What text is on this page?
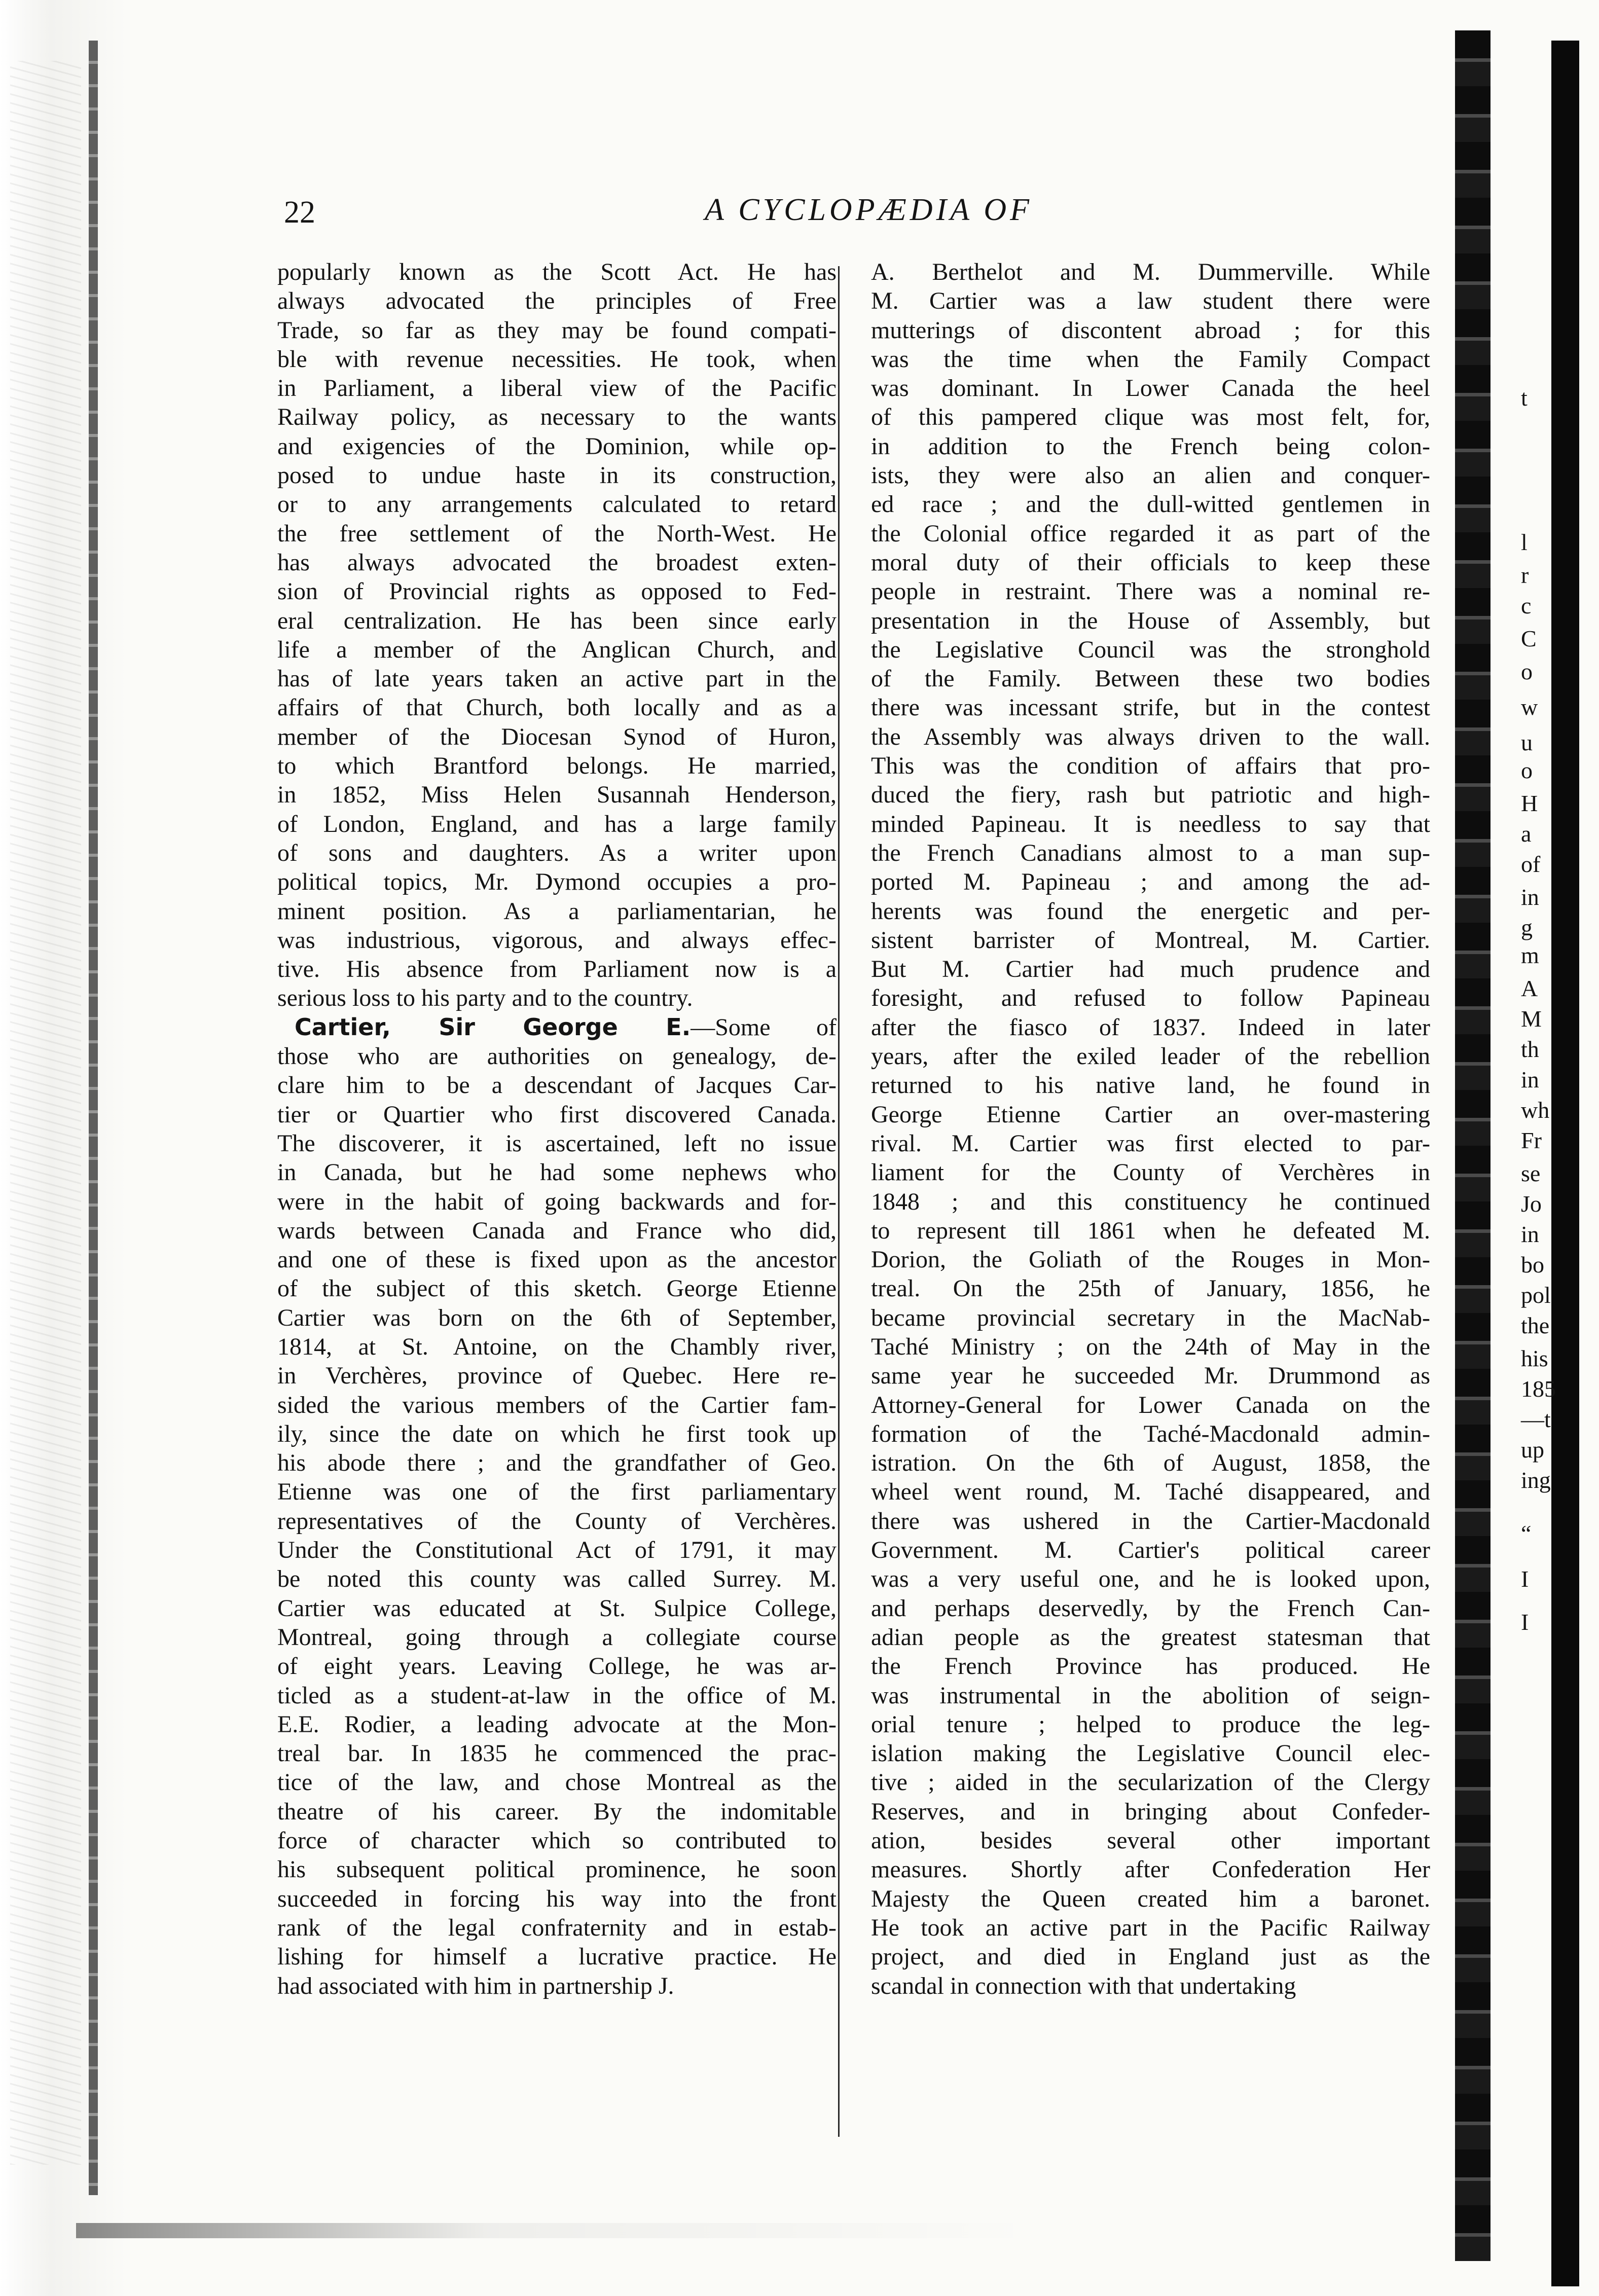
22	A CYCLOPÆDIA OF
popularly known as the Scott Act. He has
always advocated the principles of Free
Trade, so far as they may be found compati-
ble with revenue necessities. He took, when
in Parliament, a liberal view of the Pacific
Railway policy, as necessary to the wants
and exigencies of the Dominion, while op-
posed to undue haste in its construction,
or to any arrangements calculated to retard
the free settlement of the North-West. He
has always advocated the broadest exten-
sion of Provincial rights as opposed to Fed-
eral centralization. He has been since early
life a member of the Anglican Church, and
has of late years taken an active part in the
affairs of that Church, both locally and as a
member of the Diocesan Synod of Huron,
to which Brantford belongs. He married,
in 1852, Miss Helen Susannah Henderson,
of London, England, and has a large family
of sons and daughters. As a writer upon
political topics, Mr. Dymond occupies a pro-
minent position. As a parliamentarian, he
was industrious, vigorous, and always effec-
tive. His absence from Parliament now is a
serious loss to his party and to the country.
Cartier, Sir George E.—Some of
those who are authorities on genealogy, de-
clare him to be a descendant of Jacques Car-
tier or Quartier who first discovered Canada.
The discoverer, it is ascertained, left no issue
in Canada, but he had some nephews who
were in the habit of going backwards and for-
wards between Canada and France who did,
and one of these is fixed upon as the ancestor
of the subject of this sketch. George Etienne
Cartier was born on the 6th of September,
1814, at St. Antoine, on the Chambly river,
in Verchères, province of Quebec. Here re-
sided the various members of the Cartier fam-
ily, since the date on which he first took up
his abode there ; and the grandfather of Geo.
Etienne was one of the first parliamentary
representatives of the County of Verchères.
Under the Constitutional Act of 1791, it may
be noted this county was called Surrey. M.
Cartier was educated at St. Sulpice College,
Montreal, going through a collegiate course
of eight years. Leaving College, he was ar-
ticled as a student-at-law in the office of M.
E.E. Rodier, a leading advocate at the Mon-
treal bar. In 1835 he commenced the prac-
tice of the law, and chose Montreal as the
theatre of his career. By the indomitable
force of character which so contributed to
his subsequent political prominence, he soon
succeeded in forcing his way into the front
rank of the legal confraternity and in estab-
lishing for himself a lucrative practice. He
had associated with him in partnership J.
A. Berthelot and M. Dummerville. While
M. Cartier was a law student there were
mutterings of discontent abroad ; for this
was the time when the Family Compact
was dominant. In Lower Canada the heel
of this pampered clique was most felt, for,
in addition to the French being colon-
ists, they were also an alien and conquer-
ed race ; and the dull-witted gentlemen in
the Colonial office regarded it as part of the
moral duty of their officials to keep these
people in restraint. There was a nominal re-
presentation in the House of Assembly, but
the Legislative Council was the stronghold
of the Family. Between these two bodies
there was incessant strife, but in the contest
the Assembly was always driven to the wall.
This was the condition of affairs that pro-
duced the fiery, rash but patriotic and high-
minded Papineau. It is needless to say that
the French Canadians almost to a man sup-
ported M. Papineau ; and among the ad-
herents was found the energetic and per-
sistent barrister of Montreal, M. Cartier.
But M. Cartier had much prudence and
foresight, and refused to follow Papineau
after the fiasco of 1837. Indeed in later
years, after the exiled leader of the rebellion
returned to his native land, he found in
George Etienne Cartier an over-mastering
rival. M. Cartier was first elected to par-
liament for the County of Verchères in
1848 ; and this constituency he continued
to represent till 1861 when he defeated M.
Dorion, the Goliath of the Rouges in Mon-
treal. On the 25th of January, 1856, he
became provincial secretary in the MacNab-
Taché Ministry ; on the 24th of May in the
same year he succeeded Mr. Drummond as
Attorney-General for Lower Canada on the
formation of the Taché-Macdonald admin-
istration. On the 6th of August, 1858, the
wheel went round, M. Taché disappeared, and
there was ushered in the Cartier-Macdonald
Government. M. Cartier's political career
was a very useful one, and he is looked upon,
and perhaps deservedly, by the French Can-
adian people as the greatest statesman that
the French Province has produced. He
was instrumental in the abolition of seign-
orial tenure ; helped to produce the leg-
islation making the Legislative Council elec-
tive ; aided in the secularization of the Clergy
Reserves, and in bringing about Confeder-
ation, besides several other important
measures. Shortly after Confederation Her
Majesty the Queen created him a baronet.
He took an active part in the Pacific Railway
project, and died in England just as the
scandal in connection with that undertaking
t
l
r
c
C
o
w
u
o
H
a
of
in
g
m
A
M
th
in
wh
Fr
se
Jo
in
bo
pol
the
his
185
—t
up
ing
“
I
I
